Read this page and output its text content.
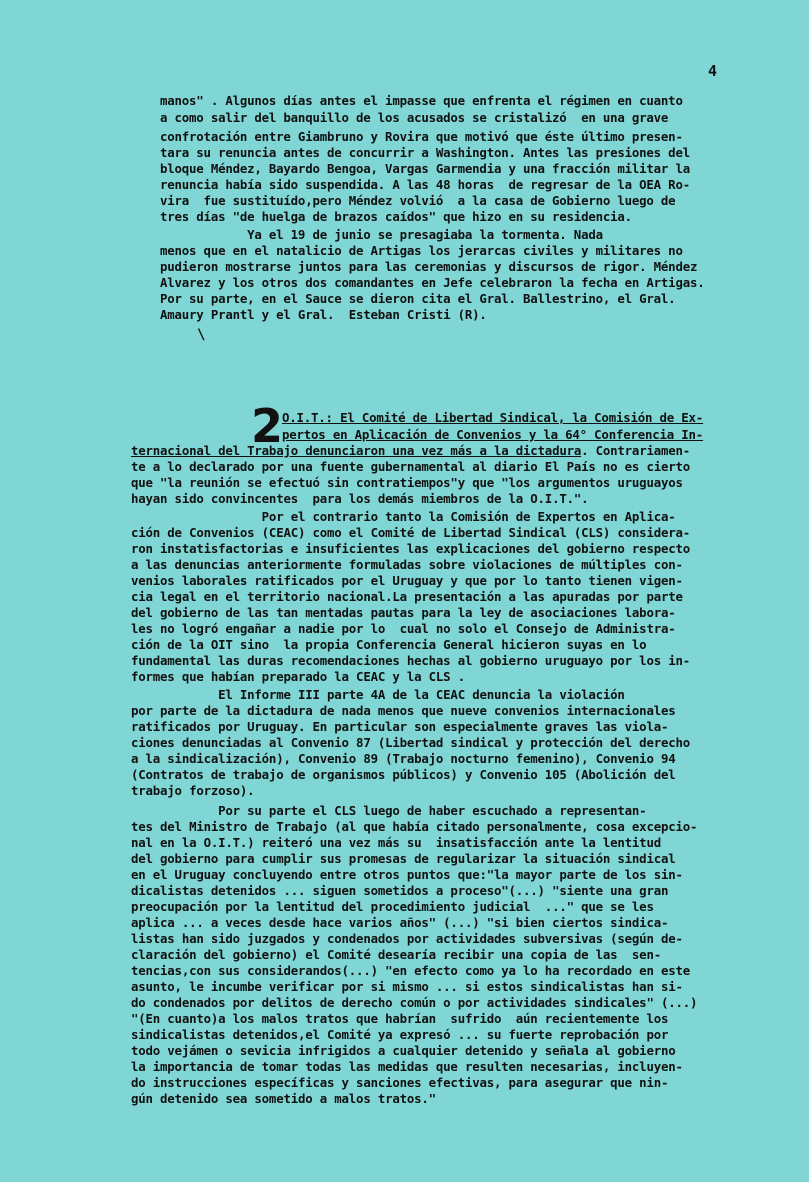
4
manos" . Algunos días antes el impasse que enfrenta el régimen en cuanto
a como salir del banquillo de los acusados se cristalizó  en una grave
confrotación entre Giambruno y Rovira que motivó que éste último presen-
tara su renuncia antes de concurrir a Washington. Antes las presiones del
bloque Méndez, Bayardo Bengoa, Vargas Garmendia y una fracción militar la
renuncia había sido suspendida. A las 48 horas  de regresar de la OEA Ro-
vira  fue sustituído,pero Méndez volvió  a la casa de Gobierno luego de
tres días "de huelga de brazos caídos" que hizo en su residencia.
Ya el 19 de junio se presagiaba la tormenta. Nada
menos que en el natalicio de Artigas los jerarcas civiles y militares no
pudieron mostrarse juntos para las ceremonias y discursos de rigor. Méndez
Alvarez y los otros dos comandantes en Jefe celebraron la fecha en Artigas.
Por su parte, en el Sauce se dieron cita el Gral. Ballestrino, el Gral.
Amaury Prantl y el Gral.  Esteban Cristi (R).
\
2
O.I.T.: El Comité de Libertad Sindical, la Comisión de Ex-
pertos en Aplicación de Convenios y la 64° Conferencia In-
ternacional del Trabajo denunciaron una vez más a la dictadura. Contrariamen-
te a lo declarado por una fuente gubernamental al diario El País no es cierto
que "la reunión se efectuó sin contratiempos"y que "los argumentos uruguayos
hayan sido convincentes  para los demás miembros de la O.I.T.".
Por el contrario tanto la Comisión de Expertos en Aplica-
ción de Convenios (CEAC) como el Comité de Libertad Sindical (CLS) considera-
ron instatisfactorias e insuficientes las explicaciones del gobierno respecto
a las denuncias anteriormente formuladas sobre violaciones de múltiples con-
venios laborales ratificados por el Uruguay y que por lo tanto tienen vigen-
cia legal en el territorio nacional.La presentación a las apuradas por parte
del gobierno de las tan mentadas pautas para la ley de asociaciones labora-
les no logró engañar a nadie por lo  cual no solo el Consejo de Administra-
ción de la OIT sino  la propia Conferencia General hicieron suyas en lo
fundamental las duras recomendaciones hechas al gobierno uruguayo por los in-
formes que habían preparado la CEAC y la CLS .
El Informe III parte 4A de la CEAC denuncia la violación
por parte de la dictadura de nada menos que nueve convenios internacionales
ratificados por Uruguay. En particular son especialmente graves las viola-
ciones denunciadas al Convenio 87 (Libertad sindical y protección del derecho
a la sindicalización), Convenio 89 (Trabajo nocturno femenino), Convenio 94
(Contratos de trabajo de organismos públicos) y Convenio 105 (Abolición del
trabajo forzoso).
Por su parte el CLS luego de haber escuchado a representan-
tes del Ministro de Trabajo (al que había citado personalmente, cosa excepcio-
nal en la O.I.T.) reiteró una vez más su  insatisfacción ante la lentitud
del gobierno para cumplir sus promesas de regularizar la situación sindical
en el Uruguay concluyendo entre otros puntos que:"la mayor parte de los sin-
dicalistas detenidos ... siguen sometidos a proceso"(...) "siente una gran
preocupación por la lentitud del procedimiento judicial  ..." que se les
aplica ... a veces desde hace varios años" (...) "si bien ciertos sindica-
listas han sido juzgados y condenados por actividades subversivas (según de-
claración del gobierno) el Comité desearía recibir una copia de las  sen-
tencias,con sus considerandos(...) "en efecto como ya lo ha recordado en este
asunto, le incumbe verificar por si mismo ... si estos sindicalistas han si-
do condenados por delitos de derecho común o por actividades sindicales" (...)
"(En cuanto)a los malos tratos que habrían  sufrido  aún recientemente los
sindicalistas detenidos,el Comité ya expresó ... su fuerte reprobación por
todo vejámen o sevicia infrigidos a cualquier detenido y señala al gobierno
la importancia de tomar todas las medidas que resulten necesarias, incluyen-
do instrucciones específicas y sanciones efectivas, para asegurar que nin-
gún detenido sea sometido a malos tratos."
